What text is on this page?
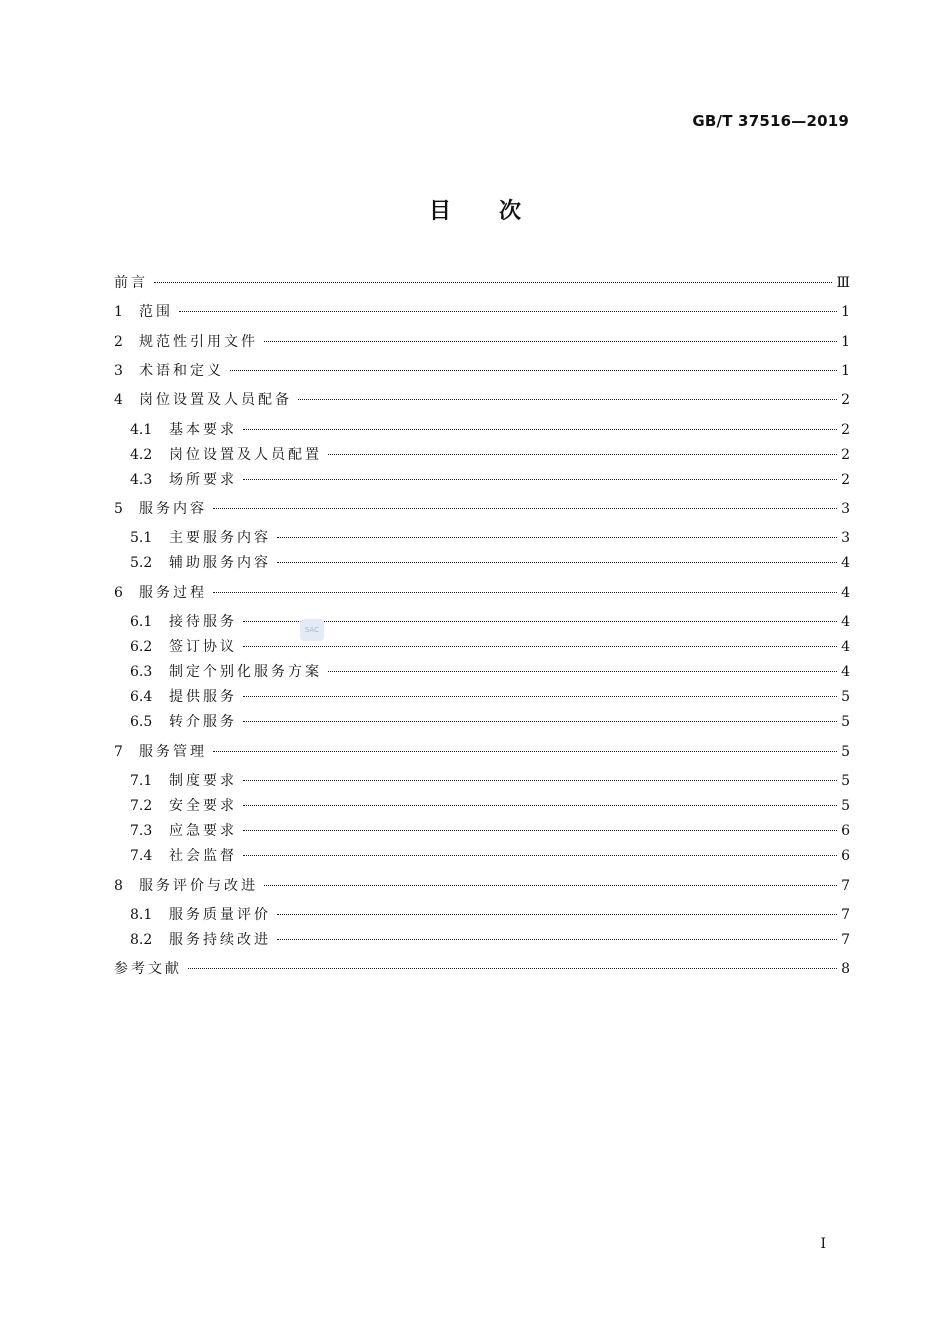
GB/T 37516—2019
目 次
前言	Ⅲ
1	范围	1
2	规范性引用文件	1
3	术语和定义	1
4	岗位设置及人员配备	2
4.1	基本要求	2
4.2	岗位设置及人员配置	2
4.3	场所要求	2
5	服务内容	3
5.1	主要服务内容	3
5.2	辅助服务内容	4
6	服务过程	4
6.1	接待服务	4
6.2	签订协议	4
6.3	制定个别化服务方案	4
6.4	提供服务	5
6.5	转介服务	5
7	服务管理	5
7.1	制度要求	5
7.2	安全要求	5
7.3	应急要求	6
7.4	社会监督	6
8	服务评价与改进	7
8.1	服务质量评价	7
8.2	服务持续改进	7
参考文献	8
SAC
I
